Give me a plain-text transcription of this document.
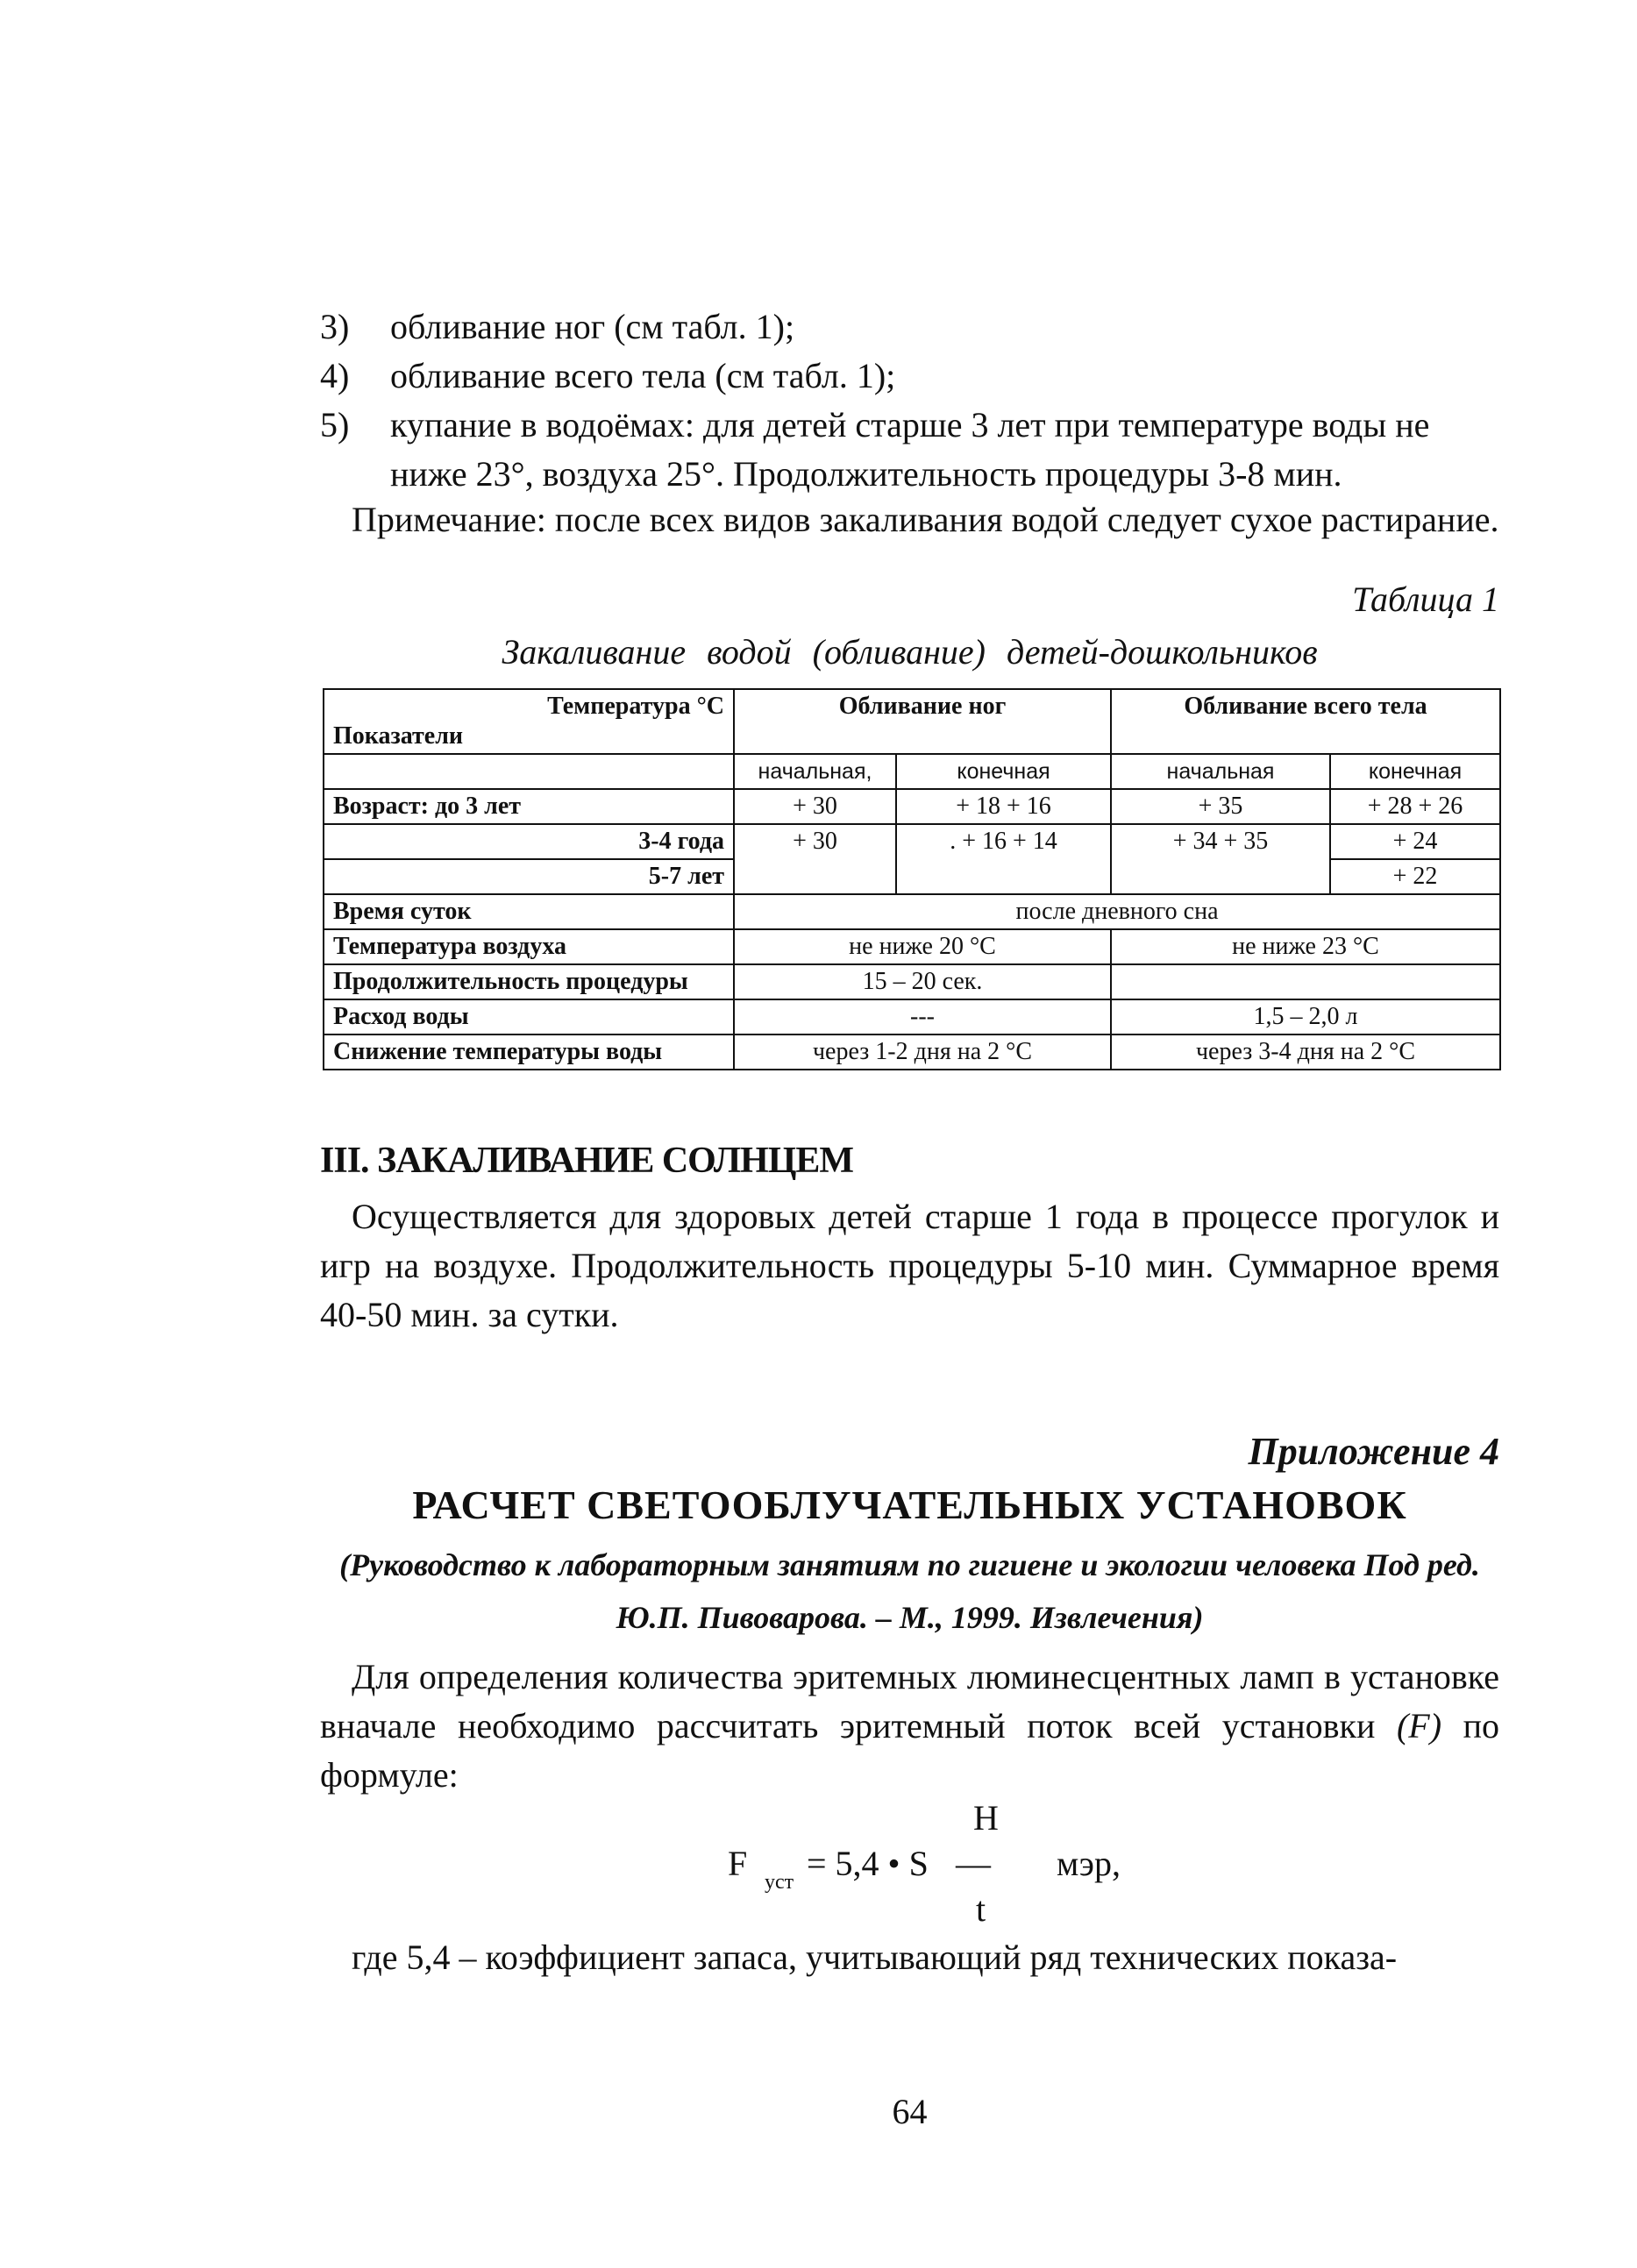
3)	обливание ног (см табл. 1);
4)	обливание всего тела (см табл. 1);
5)	купание в водоёмах: для детей старше 3 лет при температуре воды не ниже 23°, воздуха 25°. Продолжительность процедуры 3-8 мин.
Примечание: после всех видов закаливания водой следует сухое растирание.
Таблица 1
Закаливание водой (обливание) детей-дошкольников
Температура °С
Показатели	Обливание ног		Обливание всего тела	
	начальная,	конечная	начальная	конечная
Возраст: до 3 лет	+ 30	+ 18 + 16	+ 35	+ 28 + 26
3-4 года	+ 30	. + 16 + 14	+ 34 + 35	+ 24
5-7 лет				+ 22
Время суток	после дневного сна			
Температура воздуха	не ниже 20 °С		не ниже 23 °С	
Продолжительность процедуры	15 – 20 сек.			
Расход воды	---		1,5 – 2,0 л	
Снижение температуры воды	через 1-2 дня на 2 °С		через 3-4 дня на 2 °С	
III. ЗАКАЛИВАНИЕ СОЛНЦЕМ
Осуществляется для здоровых детей старше 1 года в процессе прогулок и игр на воздухе. Продолжительность процедуры 5-10 мин. Суммарное время 40-50 мин. за сутки.
Приложение 4
РАСЧЕТ СВЕТООБЛУЧАТЕЛЬНЫХ УСТАНОВОК
(Руководство к лабораторным занятиям по гигиене и экологии человека Под ред. Ю.П. Пивоварова. – М., 1999. Извлечения)
Для определения количества эритемных люминесцентных ламп в установке вначале необходимо рассчитать эритемный поток всей установки (F) по формуле:
H
F уст = 5,4 • S — мэр,
t
где 5,4 – коэффициент запаса, учитывающий ряд технических показа-
64
